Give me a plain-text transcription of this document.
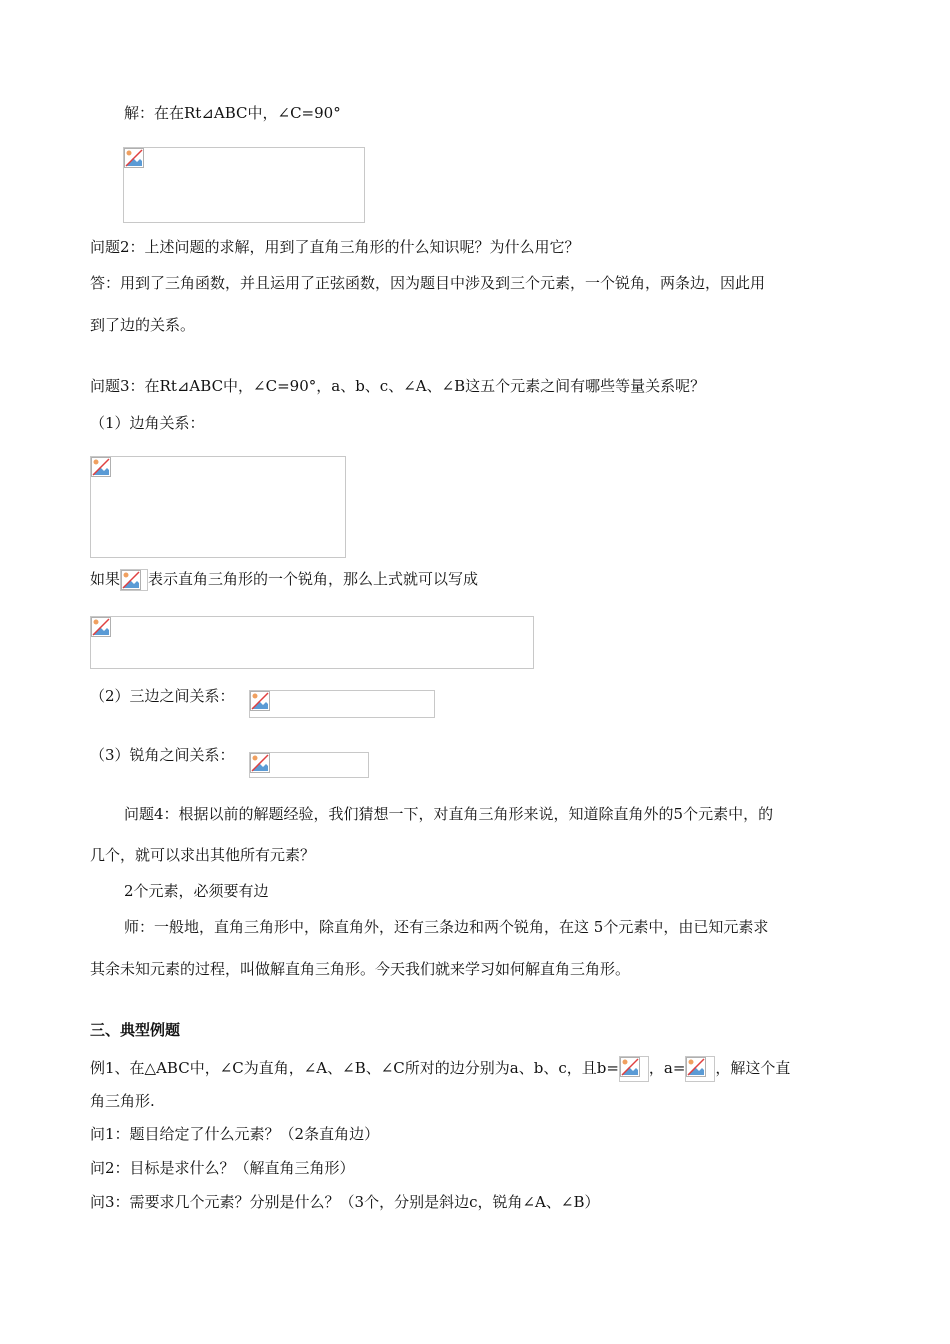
解：在在Rt⊿ABC中，∠C=90°
问题2：上述问题的求解，用到了直角三角形的什么知识呢？为什么用它？
答：用到了三角函数，并且运用了正弦函数，因为题目中涉及到三个元素，一个锐角，两条边，因此用
到了边的关系。
问题3：在Rt⊿ABC中，∠C=90°，a、b、c、∠A、∠B这五个元素之间有哪些等量关系呢？
（1）边角关系：
如果 表示直角三角形的一个锐角，那么上式就可以写成
（2）三边之间关系：
（3）锐角之间关系：
问题4：根据以前的解题经验，我们猜想一下，对直角三角形来说，知道除直角外的5个元素中，的
几个，就可以求出其他所有元素？
2个元素，必须要有边
师：一般地，直角三角形中，除直角外，还有三条边和两个锐角，在这 5个元素中，由已知元素求
其余未知元素的过程，叫做解直角三角形。今天我们就来学习如何解直角三角形。
三、典型例题
例1、在△ABC中，∠C为直角，∠A、∠B、∠C所对的边分别为a、b、c，且b= ，a= ，解这个直
角三角形.
问1：题目给定了什么元素？（2条直角边）
问2：目标是求什么？（解直角三角形）
问3：需要求几个元素？分别是什么？（3个，分别是斜边c，锐角∠A、∠B）
